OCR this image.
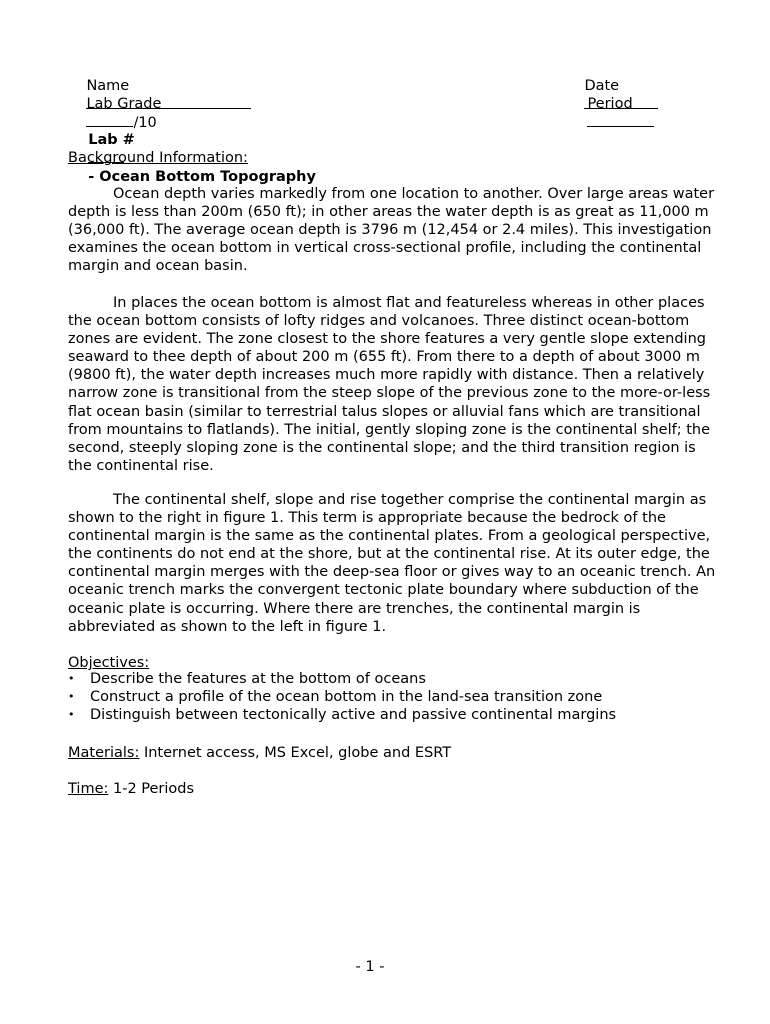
Name

	Date

Lab Grade
/10

Period

Lab #

- Ocean Bottom Topography

Background Information:

Ocean depth varies markedly from one location to another. Over large areas water depth is less than 200m (650 ft); in other areas the water depth is as great as 11,000 m (36,000 ft). The average ocean depth is 3796 m (12,454 or 2.4 miles). This investigation examines the ocean bottom in vertical cross-sectional profile, including the continental margin and ocean basin.

In places the ocean bottom is almost flat and featureless whereas in other places the ocean bottom consists of lofty ridges and volcanoes. Three distinct ocean-bottom zones are evident. The zone closest to the shore features a very gentle slope extending seaward to thee depth of about 200 m (655 ft). From there to a depth of about 3000 m (9800 ft), the water depth increases much more rapidly with distance. Then a relatively narrow zone is transitional from the steep slope of the previous zone to the more-or-less flat ocean basin (similar to terrestrial talus slopes or alluvial fans which are transitional from mountains to flatlands). The initial, gently sloping zone is the continental shelf; the second, steeply sloping zone is the continental slope; and the third transition region is the continental rise.

The continental shelf, slope and rise together comprise the continental margin as shown to the right in figure 1. This term is appropriate because the bedrock of the continental margin is the same as the continental plates. From a geological perspective, the continents do not end at the shore, but at the continental rise. At its outer edge, the continental margin merges with the deep-sea floor or gives way to an oceanic trench. An oceanic trench marks the convergent tectonic plate boundary where subduction of the oceanic plate is occurring. Where there are trenches, the continental margin is abbreviated as shown to the left in figure 1.

Objectives:
• Describe the features at the bottom of oceans
• Construct a profile of the ocean bottom in the land-sea transition zone
• Distinguish between tectonically active and passive continental margins
Materials: Internet access, MS Excel, globe and ESRT
Time: 1-2 Periods
- 1 -
